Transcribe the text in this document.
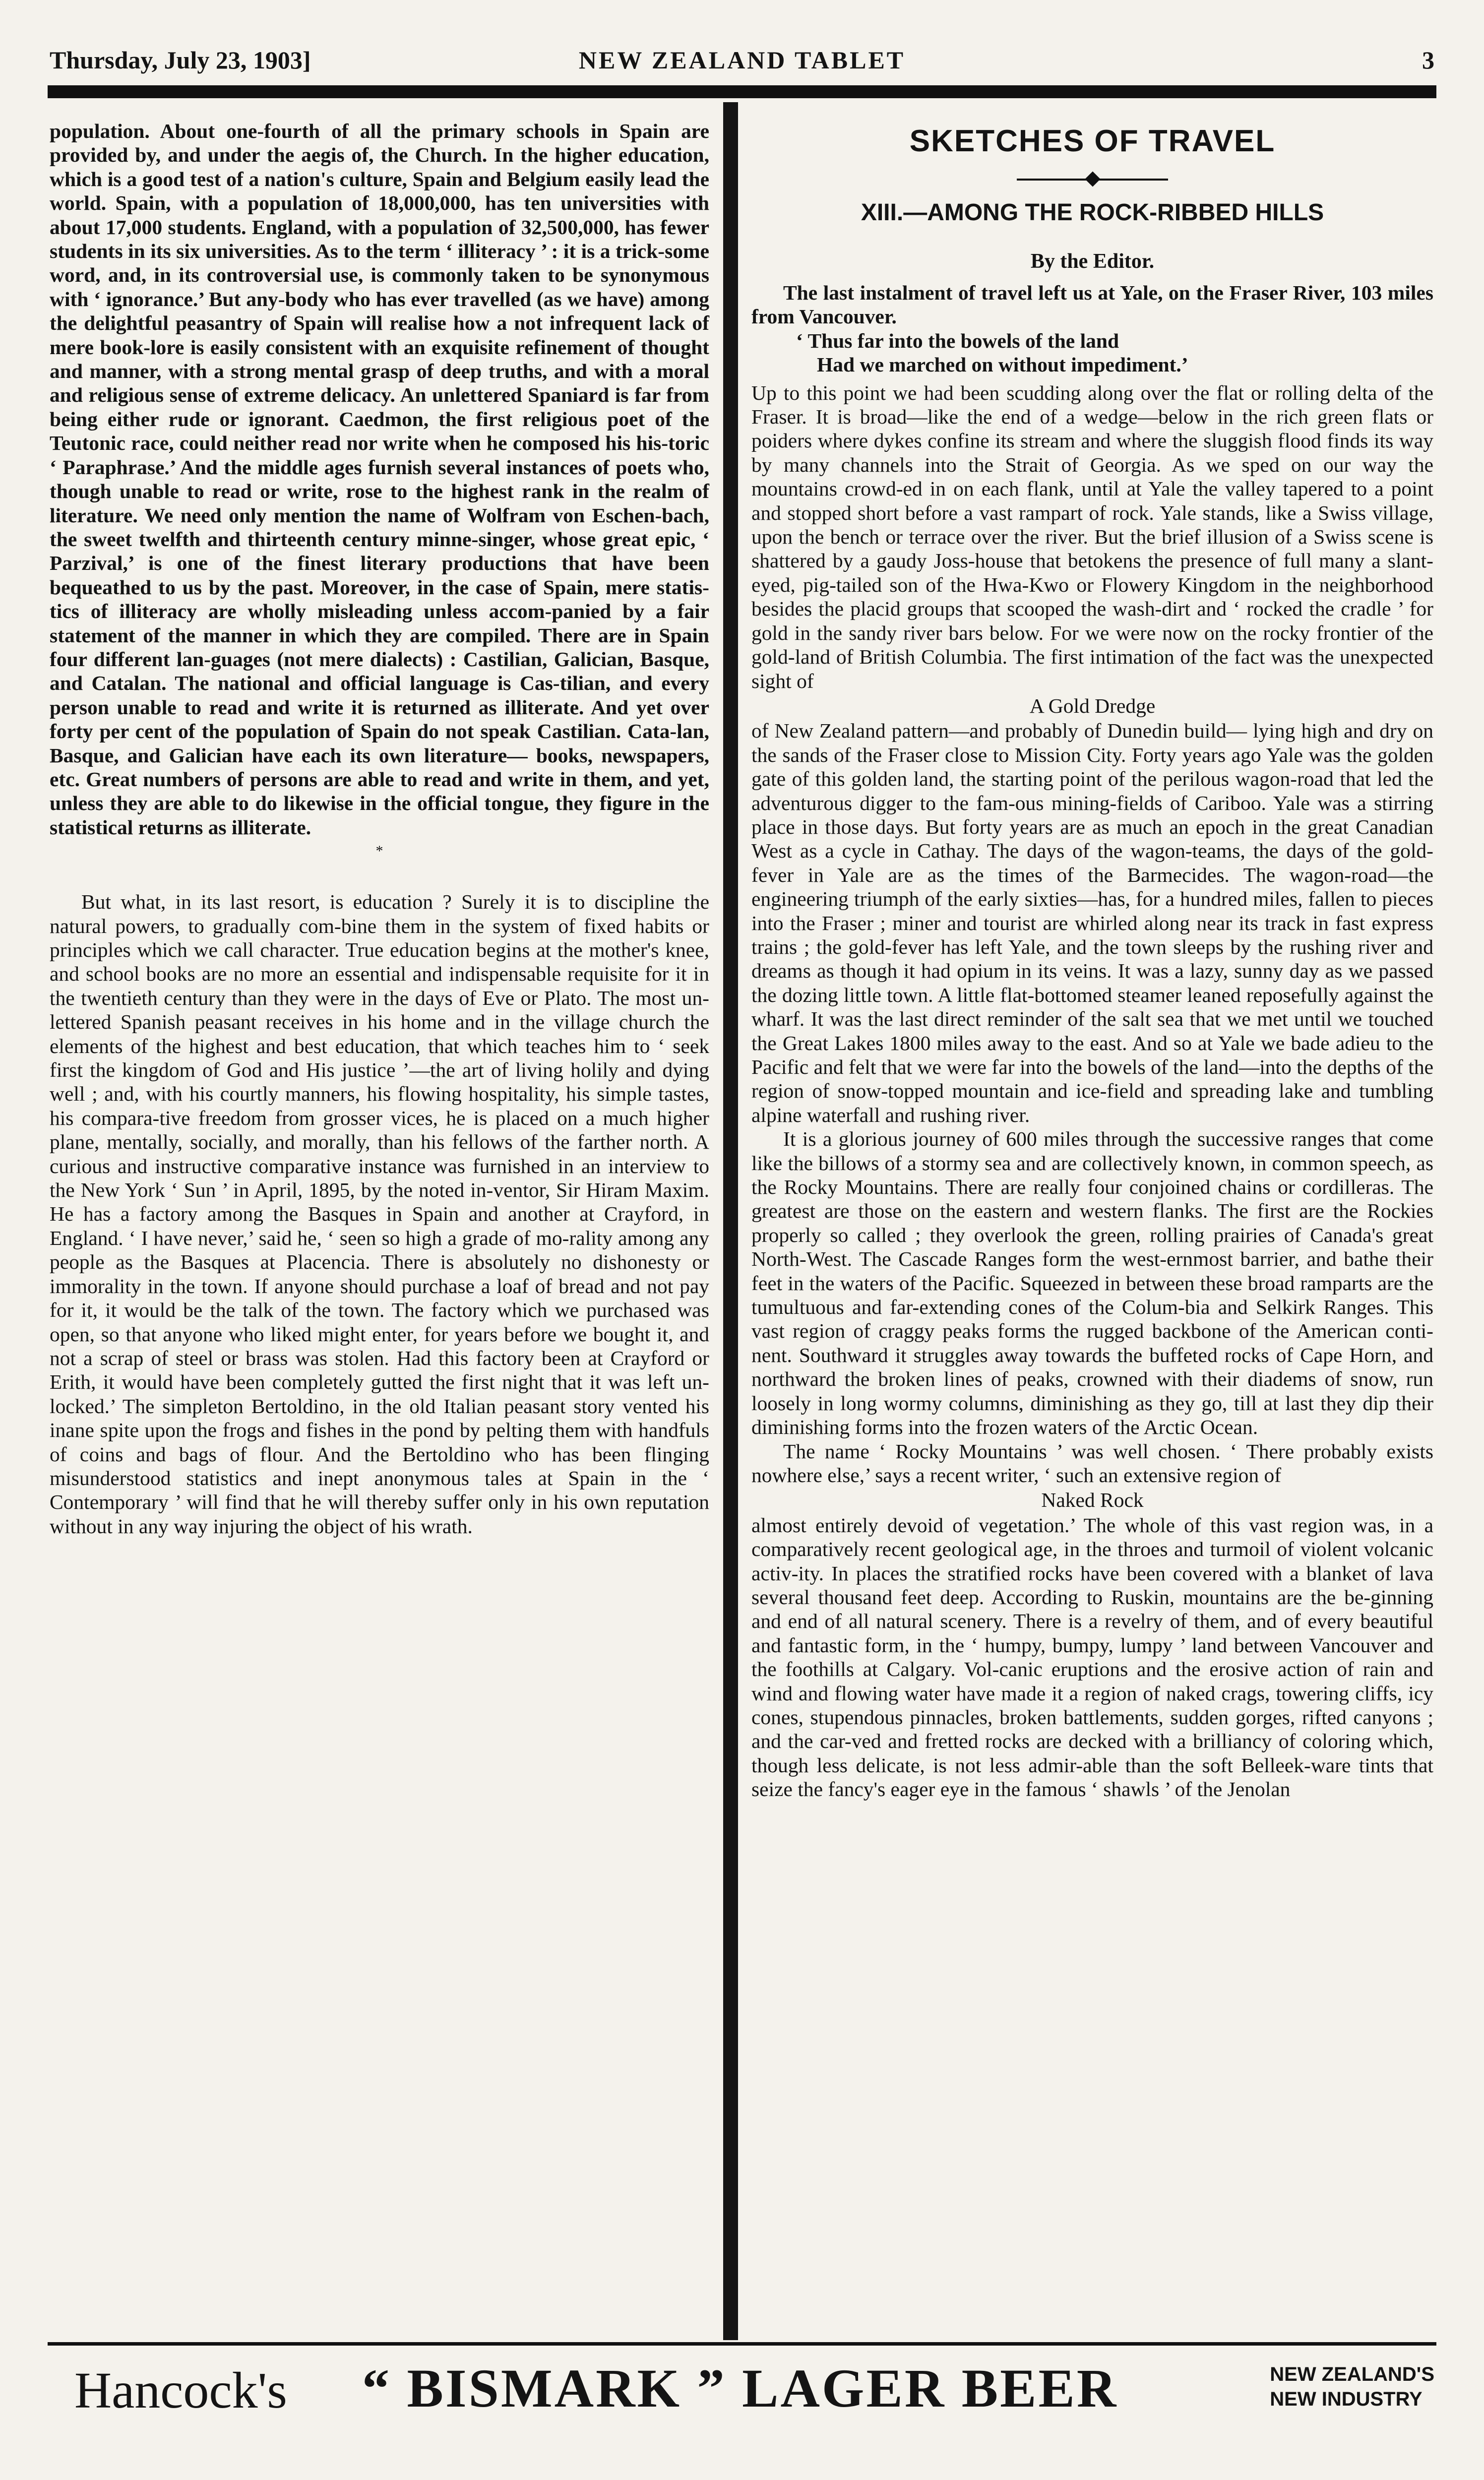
Thursday, July 23, 1903]	NEW ZEALAND TABLET	3

population. About one-fourth of all the primary schools in Spain are provided by, and under the aegis of, the Church. In the higher education, which is a good test of a nation's culture, Spain and Belgium easily lead the world. Spain, with a population of 18,000,000, has ten universities with about 17,000 students. England, with a population of 32,500,000, has fewer students in its six universities. As to the term ‘ illiteracy ’ : it is a trick-some word, and, in its controversial use, is commonly taken to be synonymous with ‘ ignorance.’ But any-body who has ever travelled (as we have) among the delightful peasantry of Spain will realise how a not infrequent lack of mere book-lore is easily consistent with an exquisite refinement of thought and manner, with a strong mental grasp of deep truths, and with a moral and religious sense of extreme delicacy. An unlettered Spaniard is far from being either rude or ignorant. Caedmon, the first religious poet of the Teutonic race, could neither read nor write when he composed his his-toric ‘ Paraphrase.’ And the middle ages furnish several instances of poets who, though unable to read or write, rose to the highest rank in the realm of literature. We need only mention the name of Wolfram von Eschen-bach, the sweet twelfth and thirteenth century minne-singer, whose great epic, ‘ Parzival,’ is one of the finest literary productions that have been bequeathed to us by the past. Moreover, in the case of Spain, mere statis-tics of illiteracy are wholly misleading unless accom-panied by a fair statement of the manner in which they are compiled. There are in Spain four different lan-guages (not mere dialects) : Castilian, Galician, Basque, and Catalan. The national and official language is Cas-tilian, and every person unable to read and write it is returned as illiterate. And yet over forty per cent of the population of Spain do not speak Castilian. Cata-lan, Basque, and Galician have each its own literature— books, newspapers, etc. Great numbers of persons are able to read and write in them, and yet, unless they are able to do likewise in the official tongue, they figure in the statistical returns as illiterate.

*

But what, in its last resort, is education ? Surely it is to discipline the natural powers, to gradually com-bine them in the system of fixed habits or principles which we call character. True education begins at the mother's knee, and school books are no more an essential and indispensable requisite for it in the twentieth century than they were in the days of Eve or Plato. The most un-lettered Spanish peasant receives in his home and in the village church the elements of the highest and best education, that which teaches him to ‘ seek first the kingdom of God and His justice ’—the art of living holily and dying well ; and, with his courtly manners, his flowing hospitality, his simple tastes, his compara-tive freedom from grosser vices, he is placed on a much higher plane, mentally, socially, and morally, than his fellows of the farther north. A curious and instructive comparative instance was furnished in an interview to the New York ‘ Sun ’ in April, 1895, by the noted in-ventor, Sir Hiram Maxim. He has a factory among the Basques in Spain and another at Crayford, in England. ‘ I have never,’ said he, ‘ seen so high a grade of mo-rality among any people as the Basques at Placencia. There is absolutely no dishonesty or immorality in the town. If anyone should purchase a loaf of bread and not pay for it, it would be the talk of the town. The factory which we purchased was open, so that anyone who liked might enter, for years before we bought it, and not a scrap of steel or brass was stolen. Had this factory been at Crayford or Erith, it would have been completely gutted the first night that it was left un-locked.’ The simpleton Bertoldino, in the old Italian peasant story vented his inane spite upon the frogs and fishes in the pond by pelting them with handfuls of coins and bags of flour. And the Bertoldino who has been flinging misunderstood statistics and inept anonymous tales at Spain in the ‘ Contemporary ’ will find that he will thereby suffer only in his own reputation without in any way injuring the object of his wrath.

SKETCHES OF TRAVEL
XIII.—AMONG THE ROCK-RIBBED HILLS
By the Editor.

The last instalment of travel left us at Yale, on the Fraser River, 103 miles from Vancouver.

‘ Thus far into the bowels of the land

Had we marched on without impediment.’

Up to this point we had been scudding along over the flat or rolling delta of the Fraser. It is broad—like the end of a wedge—below in the rich green flats or poiders where dykes confine its stream and where the sluggish flood finds its way by many channels into the Strait of Georgia. As we sped on our way the mountains crowd-ed in on each flank, until at Yale the valley tapered to a point and stopped short before a vast rampart of rock. Yale stands, like a Swiss village, upon the bench or terrace over the river. But the brief illusion of a Swiss scene is shattered by a gaudy Joss-house that betokens the presence of full many a slant-eyed, pig-tailed son of the Hwa-Kwo or Flowery Kingdom in the neighborhood besides the placid groups that scooped the wash-dirt and ‘ rocked the cradle ’ for gold in the sandy river bars below. For we were now on the rocky frontier of the gold-land of British Columbia. The first intimation of the fact was the unexpected sight of

A Gold Dredge

of New Zealand pattern—and probably of Dunedin build— lying high and dry on the sands of the Fraser close to Mission City. Forty years ago Yale was the golden gate of this golden land, the starting point of the perilous wagon-road that led the adventurous digger to the fam-ous mining-fields of Cariboo. Yale was a stirring place in those days. But forty years are as much an epoch in the great Canadian West as a cycle in Cathay. The days of the wagon-teams, the days of the gold-fever in Yale are as the times of the Barmecides. The wagon-road—the engineering triumph of the early sixties—has, for a hundred miles, fallen to pieces into the Fraser ; miner and tourist are whirled along near its track in fast express trains ; the gold-fever has left Yale, and the town sleeps by the rushing river and dreams as though it had opium in its veins. It was a lazy, sunny day as we passed the dozing little town. A little flat-bottomed steamer leaned reposefully against the wharf. It was the last direct reminder of the salt sea that we met until we touched the Great Lakes 1800 miles away to the east. And so at Yale we bade adieu to the Pacific and felt that we were far into the bowels of the land—into the depths of the region of snow-topped mountain and ice-field and spreading lake and tumbling alpine waterfall and rushing river.

It is a glorious journey of 600 miles through the successive ranges that come like the billows of a stormy sea and are collectively known, in common speech, as the Rocky Mountains. There are really four conjoined chains or cordilleras. The greatest are those on the eastern and western flanks. The first are the Rockies properly so called ; they overlook the green, rolling prairies of Canada's great North-West. The Cascade Ranges form the west-ernmost barrier, and bathe their feet in the waters of the Pacific. Squeezed in between these broad ramparts are the tumultuous and far-extending cones of the Colum-bia and Selkirk Ranges. This vast region of craggy peaks forms the rugged backbone of the American conti-nent. Southward it struggles away towards the buffeted rocks of Cape Horn, and northward the broken lines of peaks, crowned with their diadems of snow, run loosely in long wormy columns, diminishing as they go, till at last they dip their diminishing forms into the frozen waters of the Arctic Ocean.

The name ‘ Rocky Mountains ’ was well chosen. ‘ There probably exists nowhere else,’ says a recent writer, ‘ such an extensive region of

Naked Rock

almost entirely devoid of vegetation.’ The whole of this vast region was, in a comparatively recent geological age, in the throes and turmoil of violent volcanic activ-ity. In places the stratified rocks have been covered with a blanket of lava several thousand feet deep. According to Ruskin, mountains are the be-ginning and end of all natural scenery. There is a revelry of them, and of every beautiful and fantastic form, in the ‘ humpy, bumpy, lumpy ’ land between Vancouver and the foothills at Calgary. Vol-canic eruptions and the erosive action of rain and wind and flowing water have made it a region of naked crags, towering cliffs, icy cones, stupendous pinnacles, broken battlements, sudden gorges, rifted canyons ; and the car-ved and fretted rocks are decked with a brilliancy of coloring which, though less delicate, is not less admir-able than the soft Belleek-ware tints that seize the fancy's eager eye in the famous ‘ shawls ’ of the Jenolan

Hancock's “ BISMARK ” LAGER BEER	NEW ZEALAND'S
NEW INDUSTRY
